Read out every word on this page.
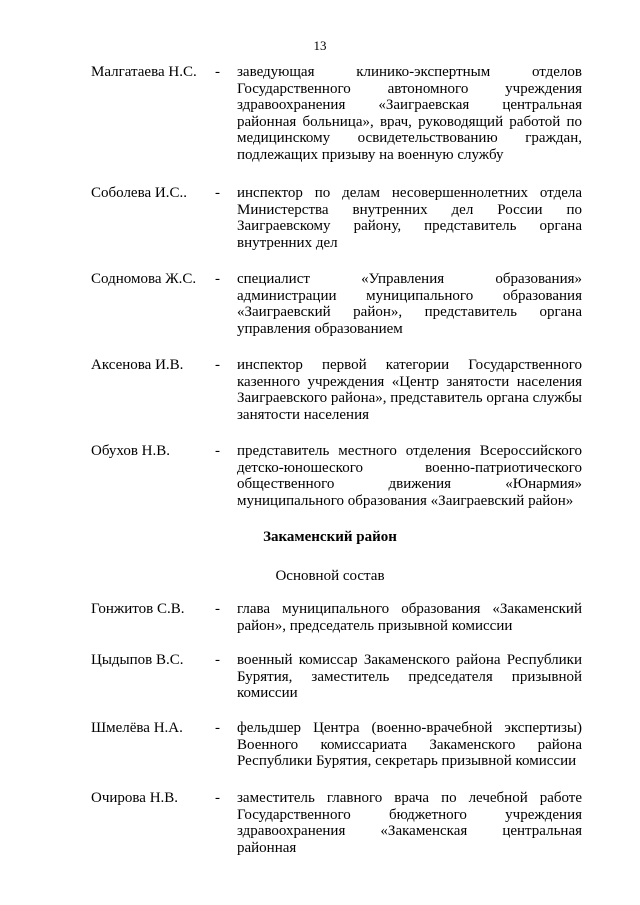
13
Малгатаева Н.С.	-	заведующая клинико-экспертным отделов Государственного автономного учреждения здравоохранения «Заиграевская центральная районная больница», врач, руководящий работой по медицинскому освидетельствованию граждан, подлежащих призыву на военную службу

Соболева И.С..	-	инспектор по делам несовершеннолетних отдела Министерства внутренних дел России по Заиграевскому району, представитель органа внутренних дел

Содномова Ж.С.	-	специалист «Управления образования» администрации муниципального образования «Заиграевский район», представитель органа управления образованием

Аксенова И.В.	-	инспектор первой категории Государственного казенного учреждения «Центр занятости населения Заиграевского района», представитель органа службы занятости населения

Обухов Н.В.	-	представитель местного отделения Всероссийского детско-юношеского военно-патриотического общественного движения «Юнармия» муниципального образования «Заиграевский район»

Закаменский район
Основной состав
Гонжитов С.В.	-	глава муниципального образования «Закаменский район», председатель призывной комиссии

Цыдыпов В.С.	-	военный комиссар Закаменского района Республики Бурятия, заместитель председателя призывной комиссии

Шмелёва Н.А.	-	фельдшер Центра (военно-врачебной экспертизы) Военного комиссариата Закаменского района Республики Бурятия, секретарь призывной комиссии

Очирова Н.В.	-	заместитель главного врача по лечебной работе Государственного бюджетного учреждения здравоохранения «Закаменская центральная районная
